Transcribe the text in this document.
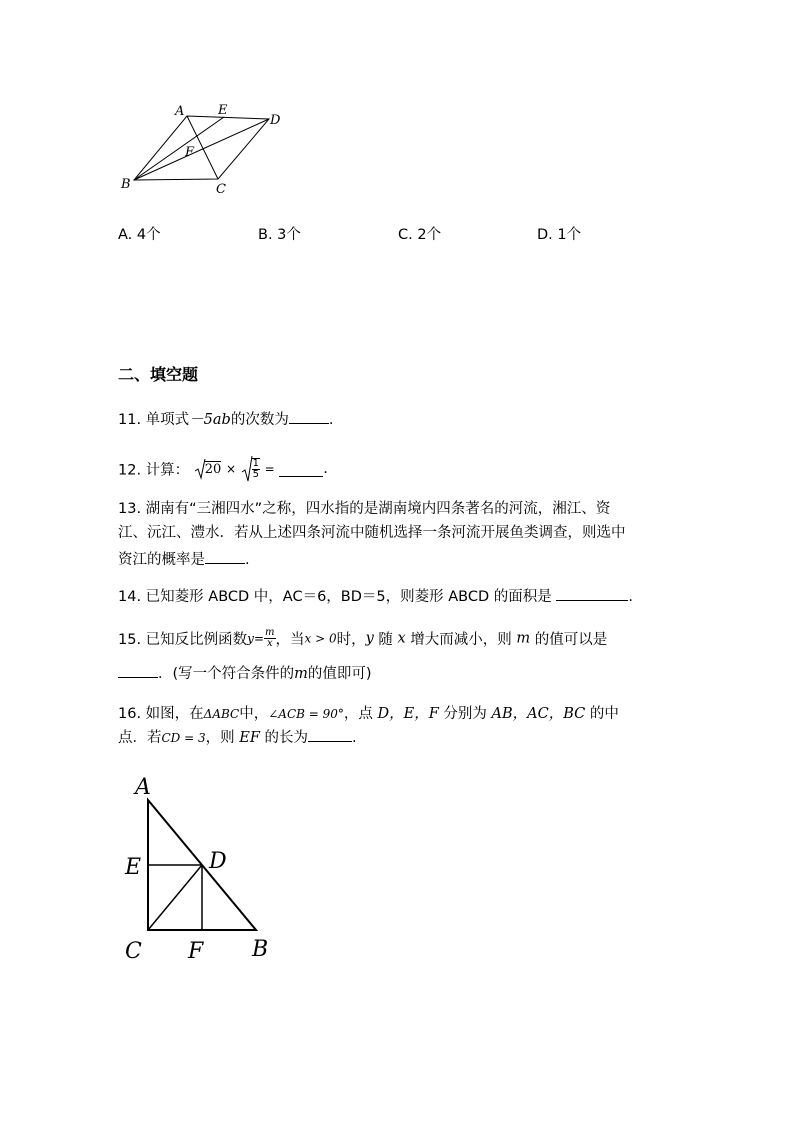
A	E
D
F
B	C
A. 4个	B. 3个	C. 2个	D. 1个
二、填空题
11. 单项式－5ab的次数为	.
12. 计算： $20 \times \frac{1}{5}$ =	.
13. 湖南有“三湘四水”之称，四水指的是湖南境内四条著名的河流，湘江、资
江、沅江、澧水．若从上述四条河流中随机选择一条河流开展鱼类调查，则选中
资江的概率是	.
14. 已知菱形 ABCD 中，AC＝6，BD＝5，则菱形 ABCD 的面积是	.
15. 已知反比例函数$y= \frac{m}{x}$ ，当x > 0时，y 随 x 增大而减小，则 m 的值可以是
．(写一个符合条件的m的值即可)
16. 如图，在ΔABC中，∠ACB = 90°，点 D，E，F 分别为 AB，AC，BC 的中
点．若CD = 3，则 EF 的长为	.
A
E	D
C F B
